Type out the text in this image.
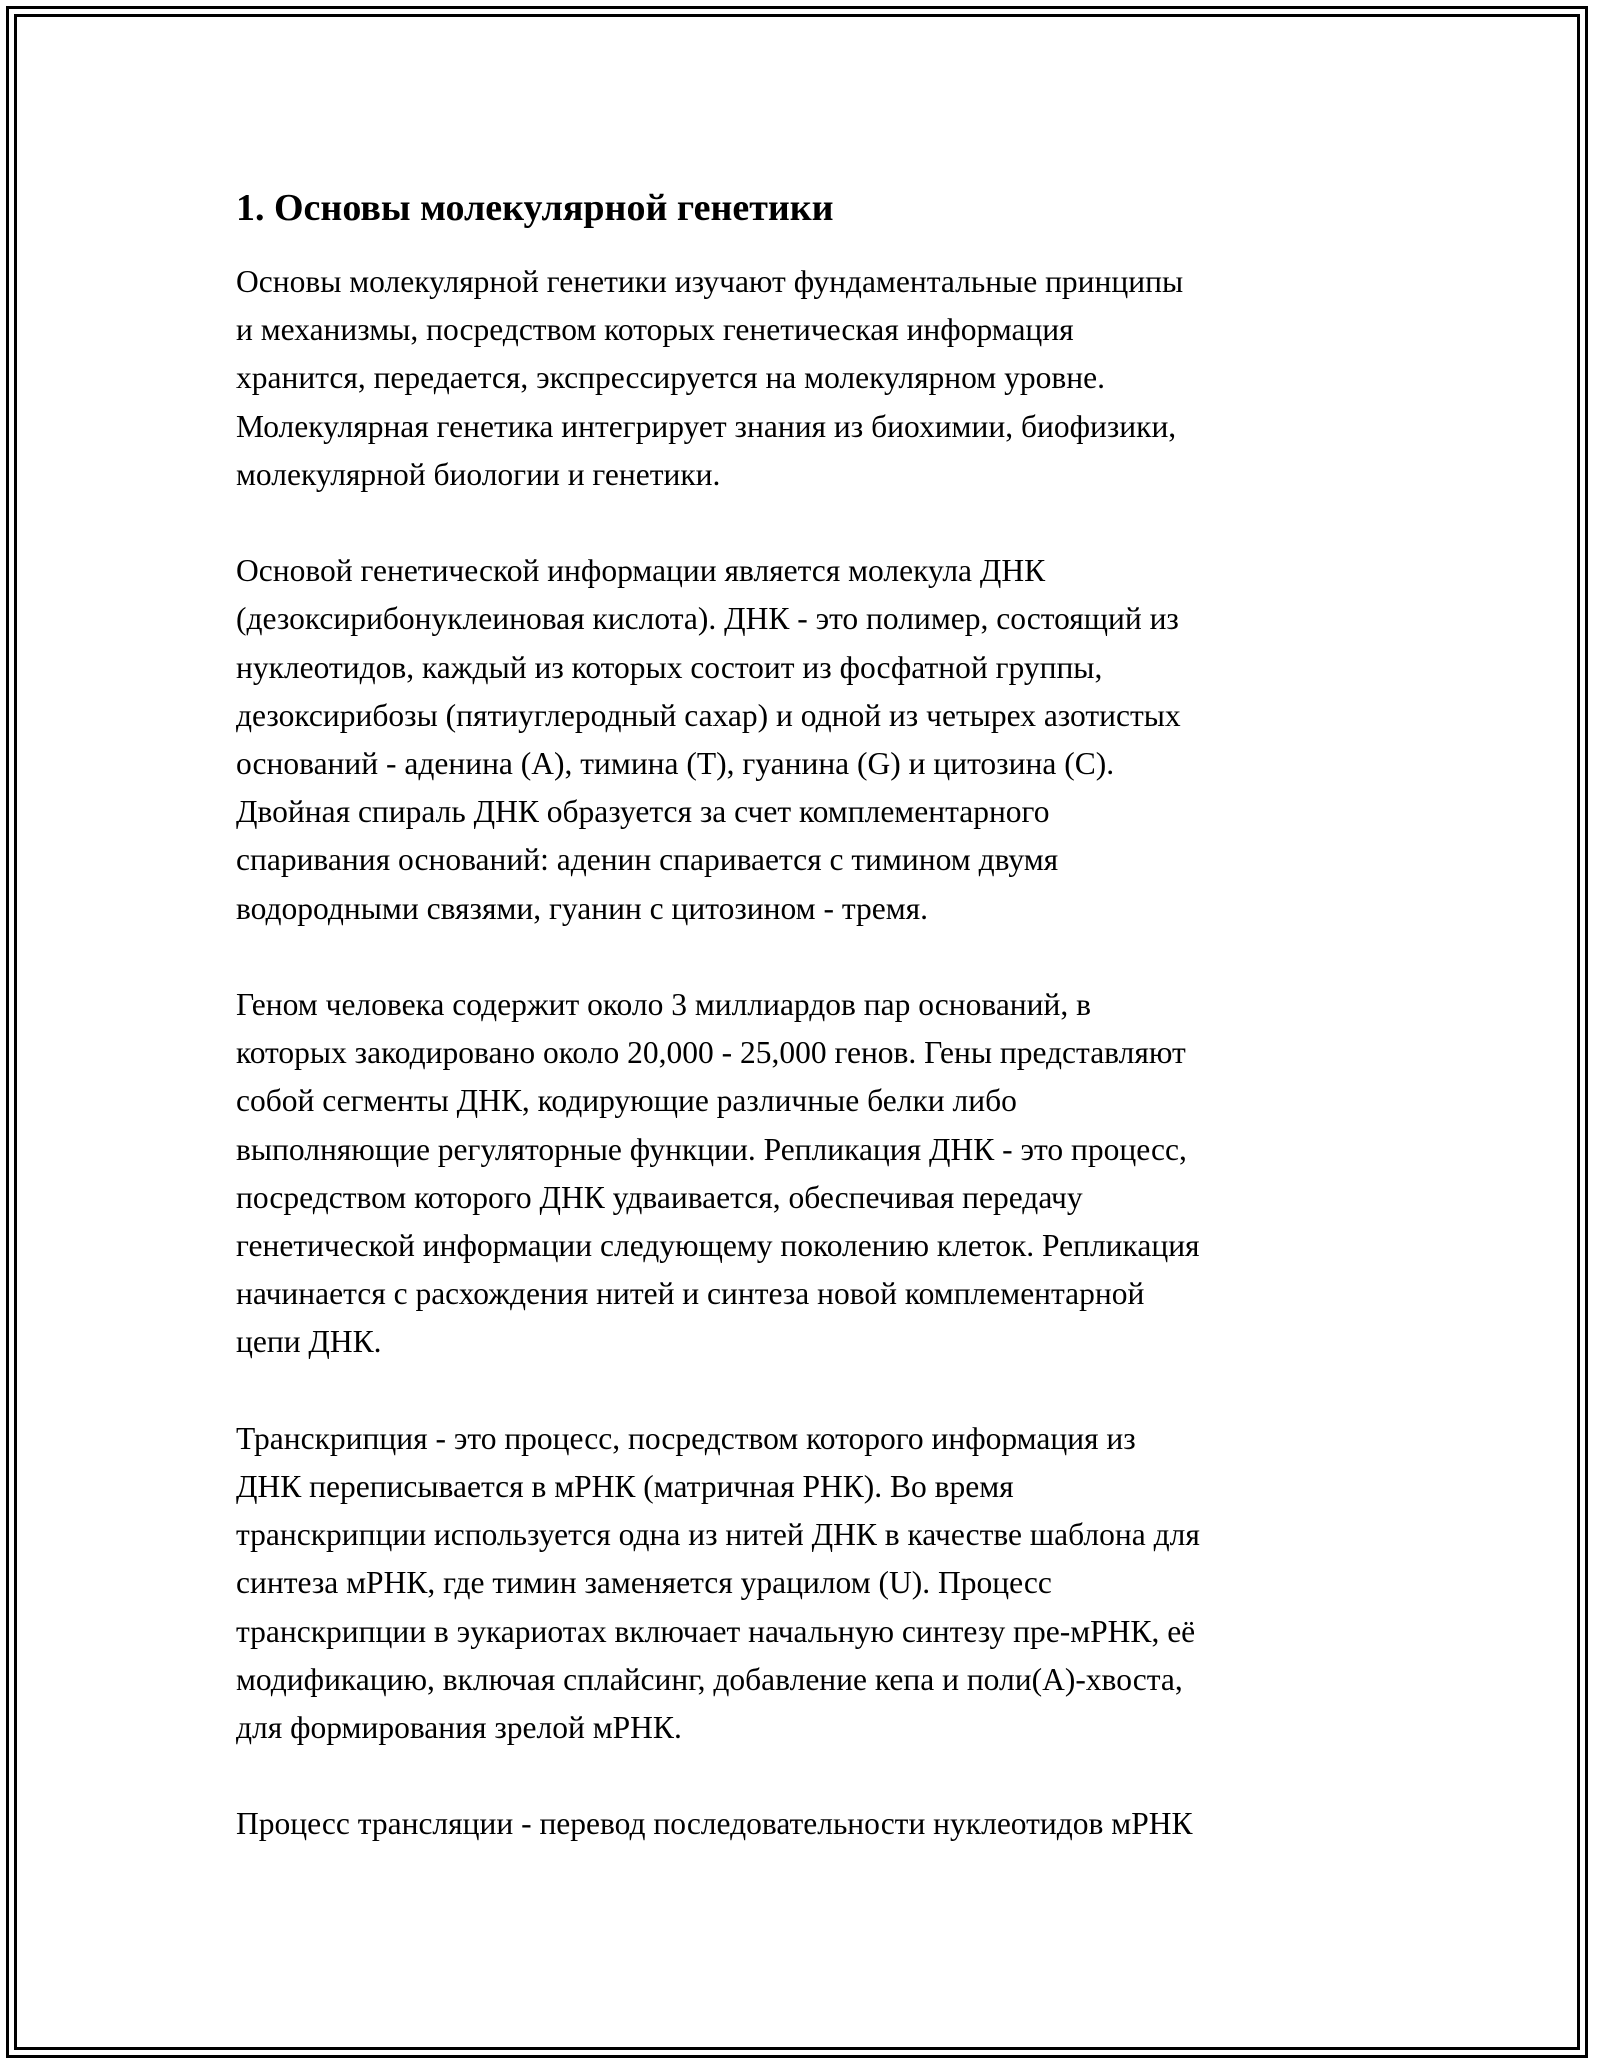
1. Основы молекулярной генетики
Основы молекулярной генетики изучают фундаментальные принципы
и механизмы, посредством которых генетическая информация
хранится, передается, экспрессируется на молекулярном уровне.
Молекулярная генетика интегрирует знания из биохимии, биофизики,
молекулярной биологии и генетики.
Основой генетической информации является молекула ДНК
(дезоксирибонуклеиновая кислота). ДНК - это полимер, состоящий из
нуклеотидов, каждый из которых состоит из фосфатной группы,
дезоксирибозы (пятиуглеродный сахар) и одной из четырех азотистых
оснований - аденина (A), тимина (T), гуанина (G) и цитозина (C).
Двойная спираль ДНК образуется за счет комплементарного
спаривания оснований: аденин спаривается с тимином двумя
водородными связями, гуанин с цитозином - тремя.
Геном человека содержит около 3 миллиардов пар оснований, в
которых закодировано около 20,000 - 25,000 генов. Гены представляют
собой сегменты ДНК, кодирующие различные белки либо
выполняющие регуляторные функции. Репликация ДНК - это процесс,
посредством которого ДНК удваивается, обеспечивая передачу
генетической информации следующему поколению клеток. Репликация
начинается с расхождения нитей и синтеза новой комплементарной
цепи ДНК.
Транскрипция - это процесс, посредством которого информация из
ДНК переписывается в мРНК (матричная РНК). Во время
транскрипции используется одна из нитей ДНК в качестве шаблона для
синтеза мРНК, где тимин заменяется урацилом (U). Процесс
транскрипции в эукариотах включает начальную синтезу пре-мРНК, её
модификацию, включая сплайсинг, добавление кепа и поли(A)-хвоста,
для формирования зрелой мРНК.
Процесс трансляции - перевод последовательности нуклеотидов мРНК
